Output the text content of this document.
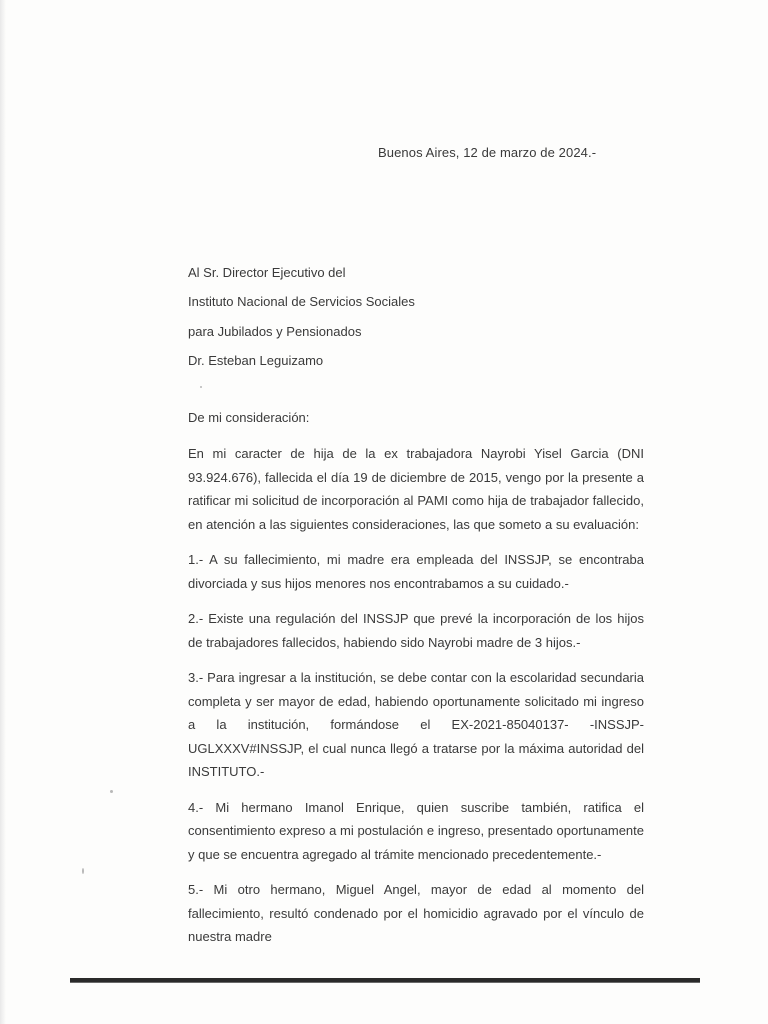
Buenos Aires, 12 de marzo de 2024.-
Al Sr. Director Ejecutivo del
Instituto Nacional de Servicios Sociales
para Jubilados y Pensionados
Dr. Esteban Leguizamo
De mi consideración:

En mi caracter de hija de la ex trabajadora Nayrobi Yisel Garcia (DNI 93.924.676), fallecida el día 19 de diciembre de 2015, vengo por la presente a ratificar mi solicitud de incorporación al PAMI como hija de trabajador fallecido, en atención a las siguientes consideraciones, las que someto a su evaluación:

1.- A su fallecimiento, mi madre era empleada del INSSJP, se encontraba divorciada y sus hijos menores nos encontrabamos a su cuidado.-

2.- Existe una regulación del INSSJP que prevé la incorporación de los hijos de trabajadores fallecidos, habiendo sido Nayrobi madre de 3 hijos.-

3.- Para ingresar a la institución, se debe contar con la escolaridad secundaria completa y ser mayor de edad, habiendo oportunamente solicitado mi ingreso a la institución, formándose el EX-2021-85040137- -INSSJP-UGLXXXV#INSSJP, el cual nunca llegó a tratarse por la máxima autoridad del INSTITUTO.-

4.- Mi hermano Imanol Enrique, quien suscribe también, ratifica el consentimiento expreso a mi postulación e ingreso, presentado oportunamente y que se encuentra agregado al trámite mencionado precedentemente.-

5.- Mi otro hermano, Miguel Angel, mayor de edad al momento del fallecimiento, resultó condenado por el homicidio agravado por el vínculo de nuestra madre
